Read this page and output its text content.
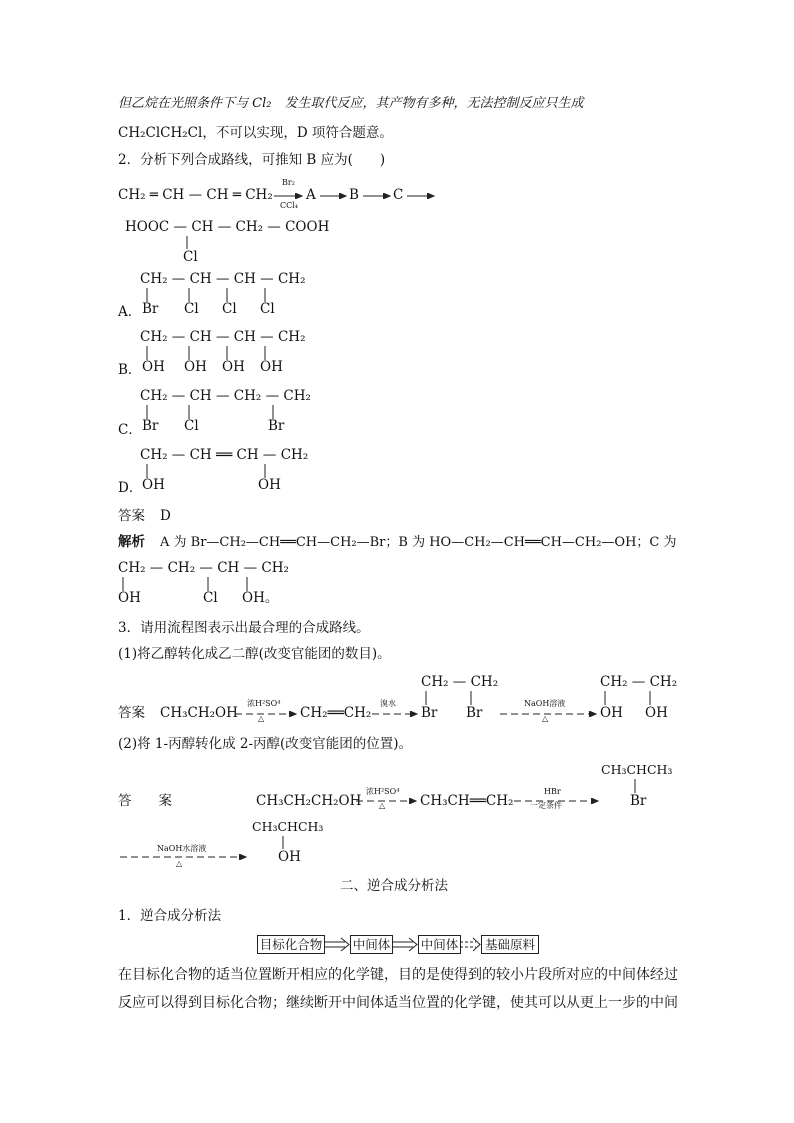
但乙烷在光照条件下与 Cl₂　发生取代反应，其产物有多种，无法控制反应只生成
CH₂ClCH₂Cl，不可以实现，D 项符合题意。
2．分析下列合成路线，可推知 B 应为(　　)
CH₂ ═ CH — CH ═ CH₂
Br₂
CCl₄
A B	C
HOOC — CH — CH₂ — COOH
Cl
CH₂ — CH — CH — CH₂
A． Br Cl Cl Cl
CH₂ — CH — CH — CH₂
B． OH OH OH OH
CH₂ — CH — CH₂ — CH₂
C． Br Cl	Br
CH₂ — CH ══ CH — CH₂
D． OH	OH
答案 D
解析 A 为 Br—CH₂—CH══CH—CH₂—Br；B 为 HO—CH₂—CH══CH—CH₂—OH；C 为
CH₂ — CH₂ — CH — CH₂
OH	Cl OH。
3．请用流程图表示出最合理的合成路线。
(1)将乙醇转化成乙二醇(改变官能团的数目)。
答案 CH₃CH₂OH
浓H²SO⁴
△	CH₂══CH₂
溴水
CH₂ — CH₂
Br Br
NaOH溶液
△
CH₂ — CH₂
OH OH
(2)将 1-丙醇转化成 2-丙醇(改变官能团的位置)。
答　　案	CH₃CH₂CH₂OH
浓H²SO⁴
△	CH₃CH══CH₂
HBr
一定条件
CH₃CHCH₃
Br
NaOH水溶液
△
CH₃CHCH₃
OH
二、逆合成分析法
1．逆合成分析法
目标化合物 中间体 中间体	基础原料
在目标化合物的适当位置断开相应的化学键，目的是使得到的较小片段所对应的中间体经过
反应可以得到目标化合物；继续断开中间体适当位置的化学键，使其可以从更上一步的中间
